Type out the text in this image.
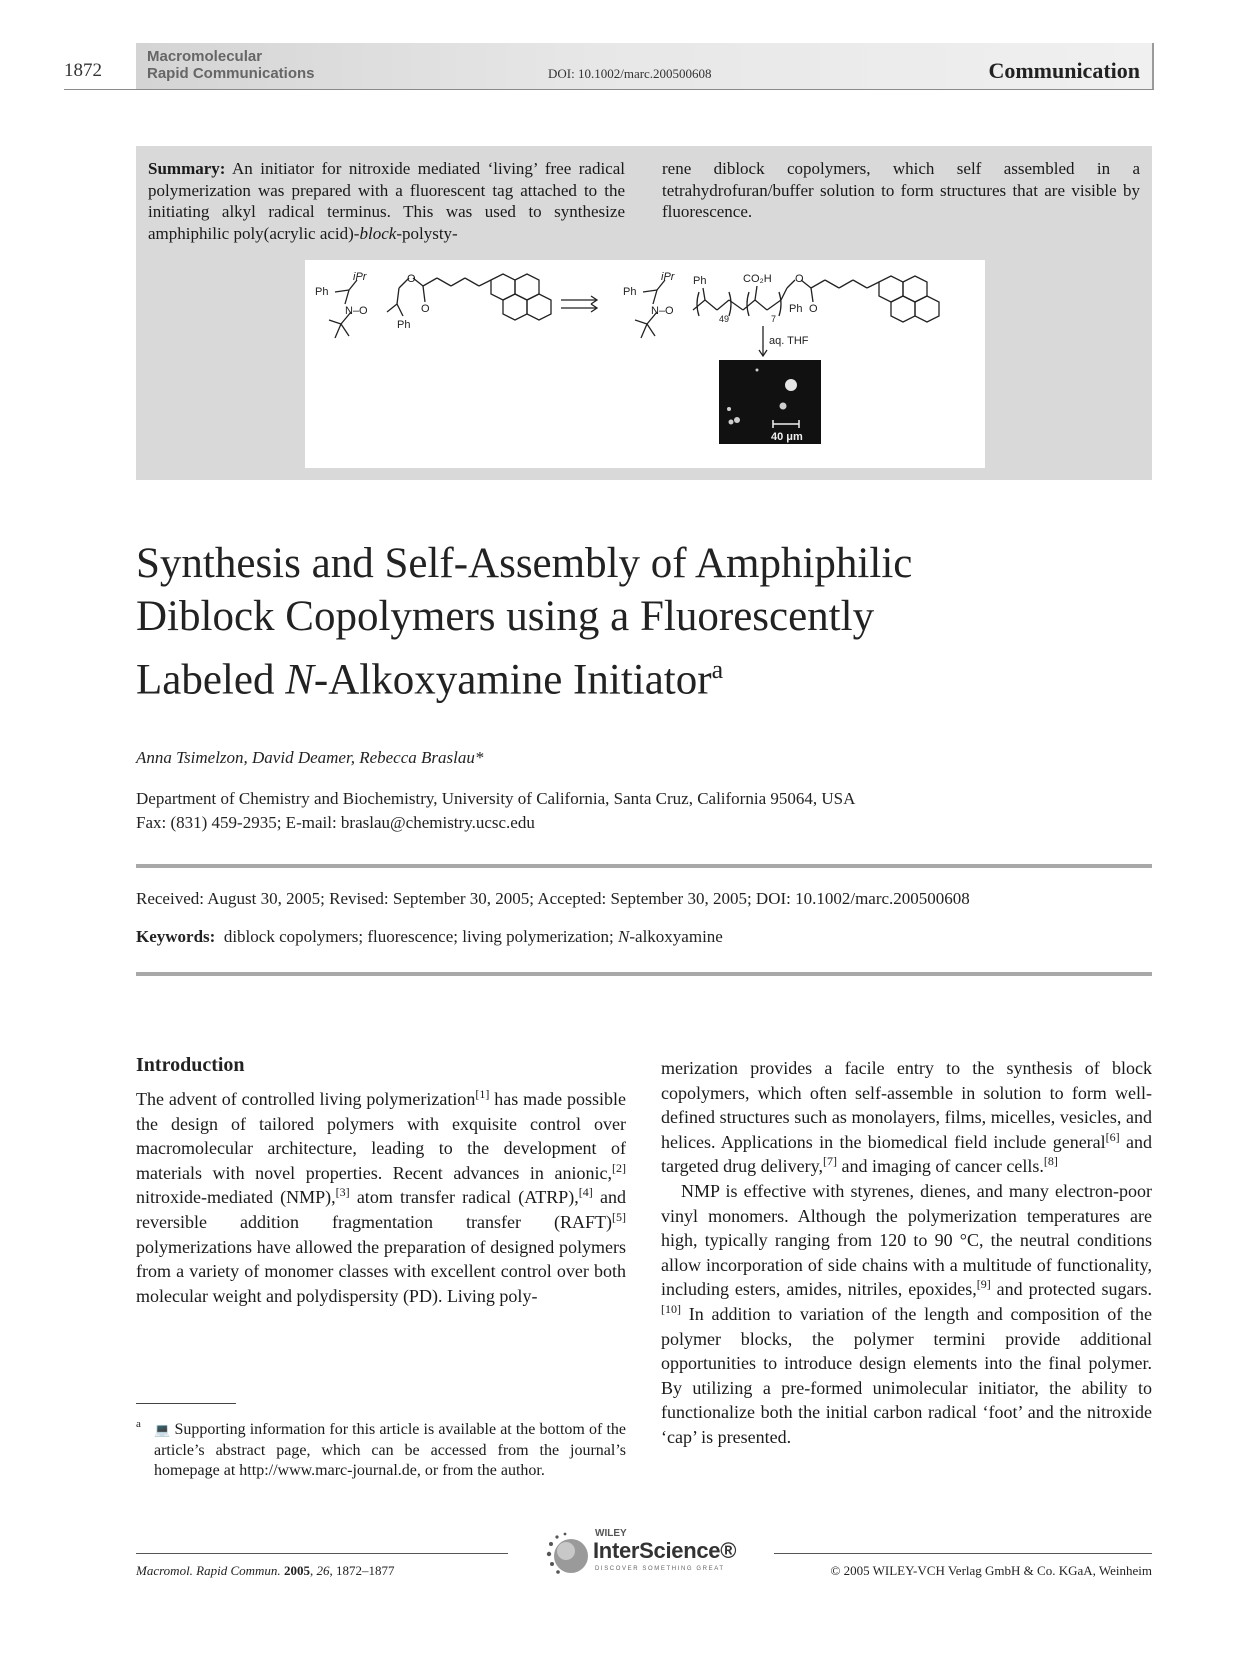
1872
Macromolecular
Rapid Communications	DOI: 10.1002/marc.200500608	Communication
Summary: An initiator for nitroxide mediated ‘living’ free radical polymerization was prepared with a fluorescent tag attached to the initiating alkyl radical terminus. This was used to synthesize amphiphilic poly(acrylic acid)-block-polysty-
rene diblock copolymers, which self assembled in a tetrahydrofuran/buffer solution to form structures that are visible by fluorescence.
Ph
iPr
N–O
Ph
O
O
Ph
iPr
N–O
Ph	CO₂H
49	7
Ph
O
O
aq. THF
40 μm
Synthesis and Self-Assembly of Amphiphilic
Diblock Copolymers using a Fluorescently
Labeled N-Alkoxyamine Initiator$^a$
Anna Tsimelzon, David Deamer, Rebecca Braslau*
Department of Chemistry and Biochemistry, University of California, Santa Cruz, California 95064, USA
Fax: (831) 459-2935; E-mail: braslau@chemistry.ucsc.edu
Received: August 30, 2005; Revised: September 30, 2005; Accepted: September 30, 2005; DOI: 10.1002/marc.200500608
Keywords: diblock copolymers; fluorescence; living polymerization; N-alkoxyamine
Introduction

The advent of controlled living polymerization[1] has made possible the design of tailored polymers with exquisite control over macromolecular architecture, leading to the development of materials with novel properties. Recent advances in anionic,[2] nitroxide-mediated (NMP),[3] atom transfer radical (ATRP),[4] and reversible addition fragmentation transfer (RAFT)[5] polymerizations have allowed the preparation of designed polymers from a variety of monomer classes with excellent control over both molecular weight and polydispersity (PD). Living poly-

merization provides a facile entry to the synthesis of block copolymers, which often self-assemble in solution to form well-defined structures such as monolayers, films, micelles, vesicles, and helices. Applications in the biomedical field include general[6] and targeted drug delivery,[7] and imaging of cancer cells.[8]

NMP is effective with styrenes, dienes, and many electron-poor vinyl monomers. Although the polymerization temperatures are high, typically ranging from 120 to 90 °C, the neutral conditions allow incorporation of side chains with a multitude of functionality, including esters, amides, nitriles, epoxides,[9] and protected sugars.[10] In addition to variation of the length and composition of the polymer blocks, the polymer termini provide additional opportunities to introduce design elements into the final polymer. By utilizing a pre-formed unimolecular initiator, the ability to functionalize both the initial carbon radical ‘foot’ and the nitroxide ‘cap’ is presented.

a 💻 Supporting information for this article is available at the bottom of the article’s abstract page, which can be accessed from the journal’s homepage at http://www.marc-journal.de, or from the author.
Macromol. Rapid Commun. 2005, 26, 1872–1877	© 2005 WILEY-VCH Verlag GmbH & Co. KGaA, Weinheim
WILEY
InterScience®
DISCOVER SOMETHING GREAT
